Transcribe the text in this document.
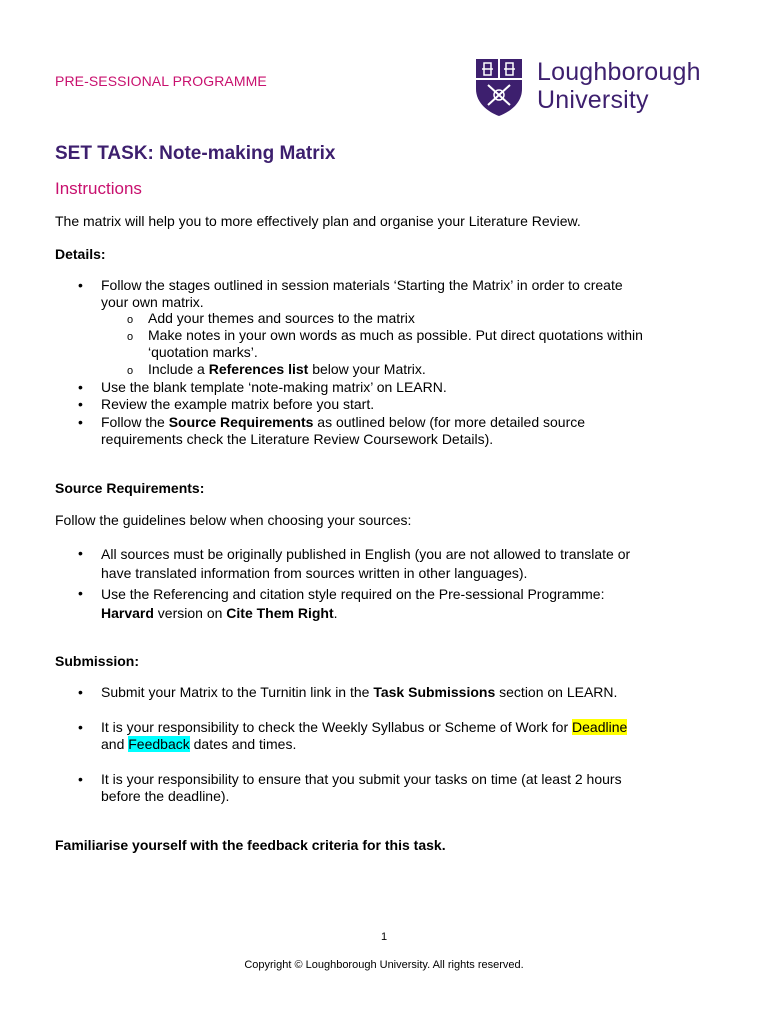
PRE-SESSIONAL PROGRAMME	Loughborough
University
SET TASK: Note-making Matrix
Instructions
The matrix will help you to more effectively plan and organise your Literature Review.
Details:
• Follow the stages outlined in session materials ‘Starting the Matrix’ in order to create
your own matrix.
o Add your themes and sources to the matrix
o Make notes in your own words as much as possible. Put direct quotations within
‘quotation marks’.
o Include a References list below your Matrix.
• Use the blank template ‘note-making matrix’ on LEARN.
• Review the example matrix before you start.
• Follow the Source Requirements as outlined below (for more detailed source
requirements check the Literature Review Coursework Details).
Source Requirements:
Follow the guidelines below when choosing your sources:
• All sources must be originally published in English (you are not allowed to translate or
have translated information from sources written in other languages).
• Use the Referencing and citation style required on the Pre-sessional Programme:
Harvard version on Cite Them Right.
Submission:
• Submit your Matrix to the Turnitin link in the Task Submissions section on LEARN.
• It is your responsibility to check the Weekly Syllabus or Scheme of Work for Deadline
and Feedback dates and times.
• It is your responsibility to ensure that you submit your tasks on time (at least 2 hours
before the deadline).
Familiarise yourself with the feedback criteria for this task.
1
Copyright © Loughborough University. All rights reserved.
